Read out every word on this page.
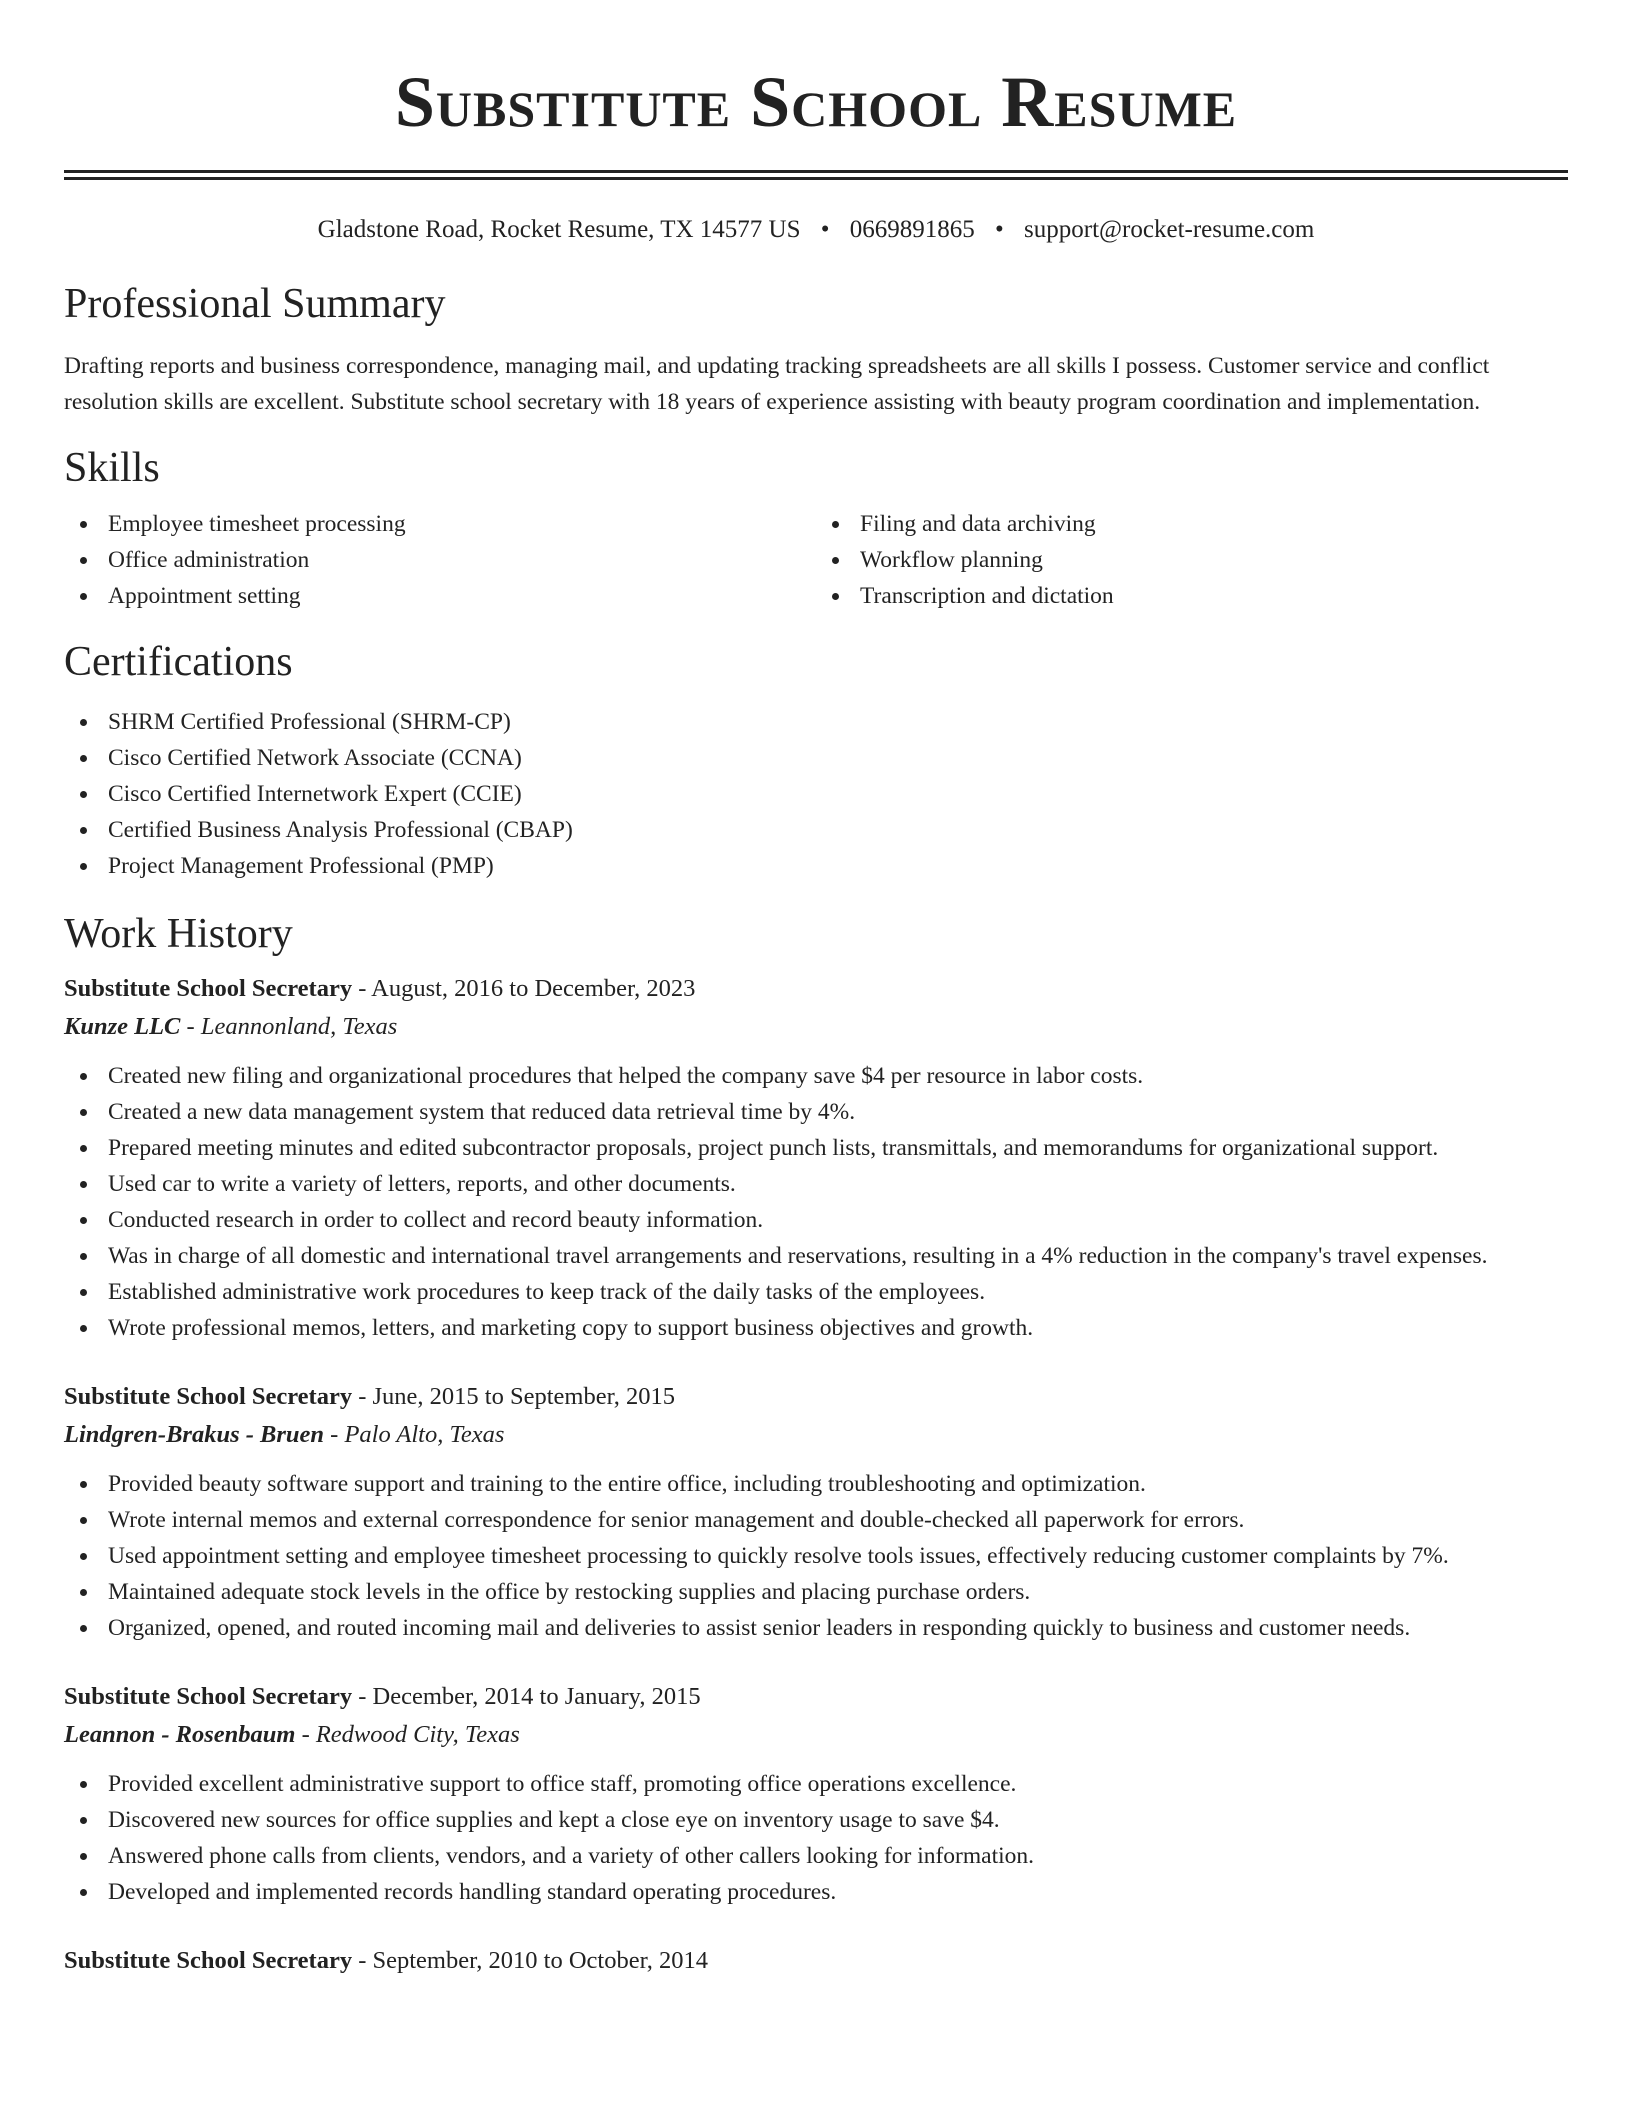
Substitute School Resume
Gladstone Road, Rocket Resume, TX 14577 US • 0669891865 • support@rocket-resume.com
Professional Summary

Drafting reports and business correspondence, managing mail, and updating tracking spreadsheets are all skills I possess. Customer service and conflict resolution skills are excellent. Substitute school secretary with 18 years of experience assisting with beauty program coordination and implementation.

Skills
Employee timesheet processing
Office administration
Appointment setting
Filing and data archiving
Workflow planning
Transcription and dictation
Certifications
SHRM Certified Professional (SHRM-CP)
Cisco Certified Network Associate (CCNA)
Cisco Certified Internetwork Expert (CCIE)
Certified Business Analysis Professional (CBAP)
Project Management Professional (PMP)
Work History
Substitute School Secretary - August, 2016 to December, 2023
Kunze LLC - Leannonland, Texas
Created new filing and organizational procedures that helped the company save $4 per resource in labor costs.
Created a new data management system that reduced data retrieval time by 4%.
Prepared meeting minutes and edited subcontractor proposals, project punch lists, transmittals, and memorandums for organizational support.
Used car to write a variety of letters, reports, and other documents.
Conducted research in order to collect and record beauty information.
Was in charge of all domestic and international travel arrangements and reservations, resulting in a 4% reduction in the company's travel expenses.
Established administrative work procedures to keep track of the daily tasks of the employees.
Wrote professional memos, letters, and marketing copy to support business objectives and growth.
Substitute School Secretary - June, 2015 to September, 2015
Lindgren-Brakus - Bruen - Palo Alto, Texas
Provided beauty software support and training to the entire office, including troubleshooting and optimization.
Wrote internal memos and external correspondence for senior management and double-checked all paperwork for errors.
Used appointment setting and employee timesheet processing to quickly resolve tools issues, effectively reducing customer complaints by 7%.
Maintained adequate stock levels in the office by restocking supplies and placing purchase orders.
Organized, opened, and routed incoming mail and deliveries to assist senior leaders in responding quickly to business and customer needs.
Substitute School Secretary - December, 2014 to January, 2015
Leannon - Rosenbaum - Redwood City, Texas
Provided excellent administrative support to office staff, promoting office operations excellence.
Discovered new sources for office supplies and kept a close eye on inventory usage to save $4.
Answered phone calls from clients, vendors, and a variety of other callers looking for information.
Developed and implemented records handling standard operating procedures.
Substitute School Secretary - September, 2010 to October, 2014
